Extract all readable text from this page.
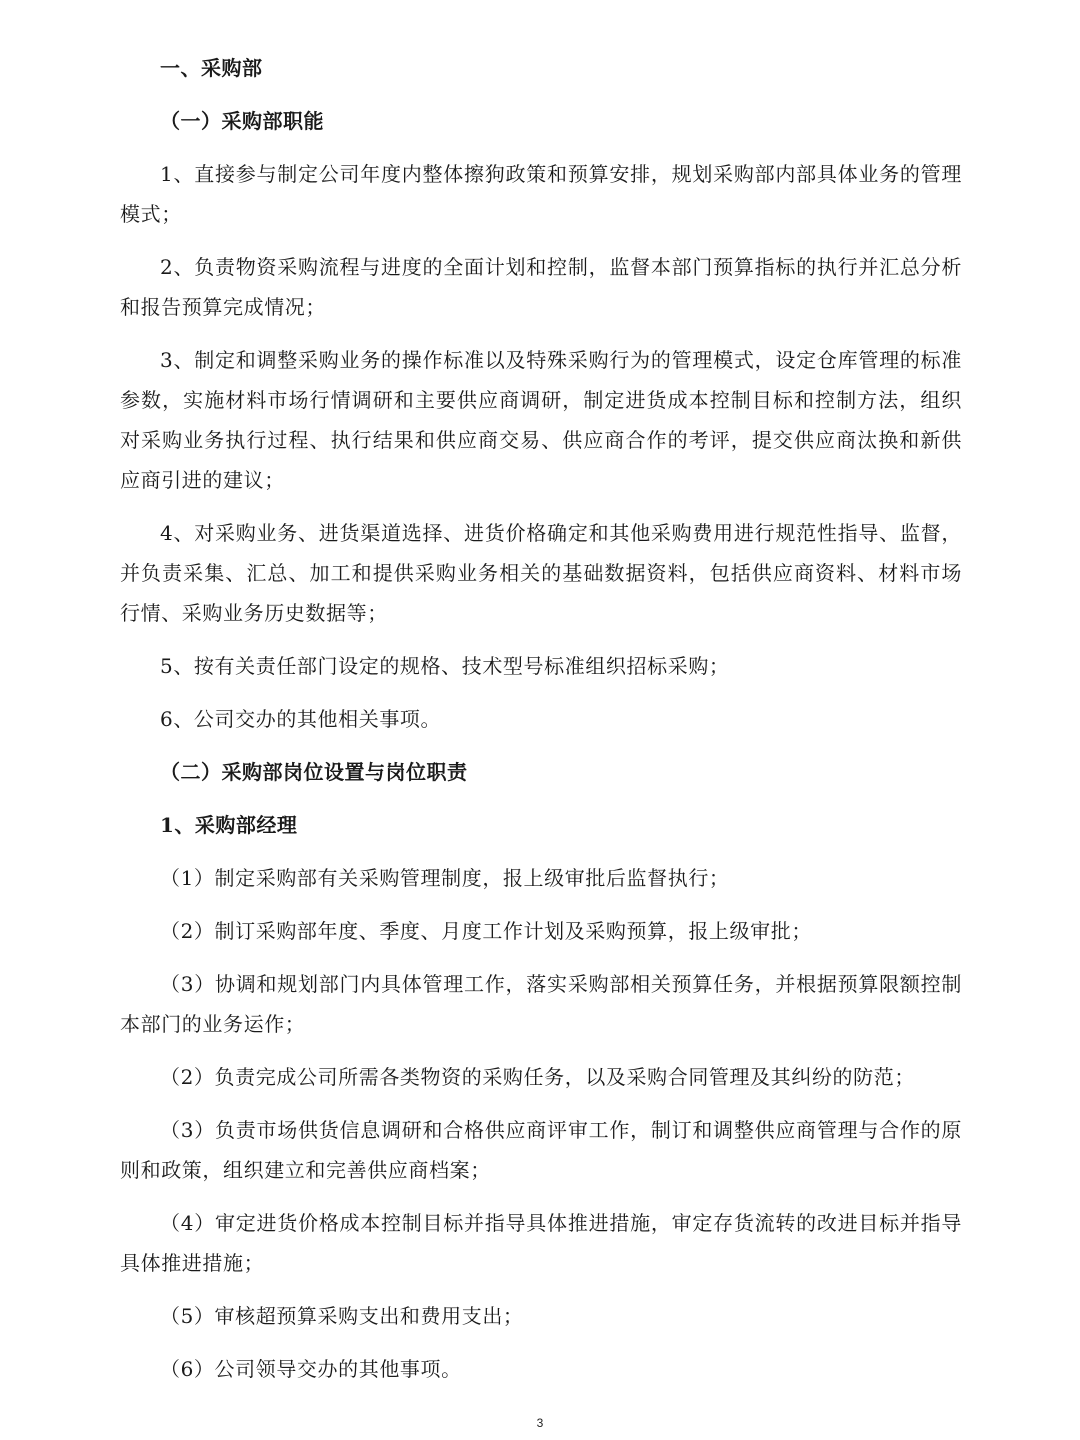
一、采购部
（一）采购部职能

1、直接参与制定公司年度内整体擦狗政策和预算安排，规划采购部内部具体业务的管理模式；

2、负责物资采购流程与进度的全面计划和控制，监督本部门预算指标的执行并汇总分析和报告预算完成情况；

3、制定和调整采购业务的操作标准以及特殊采购行为的管理模式，设定仓库管理的标准参数，实施材料市场行情调研和主要供应商调研，制定进货成本控制目标和控制方法，组织对采购业务执行过程、执行结果和供应商交易、供应商合作的考评，提交供应商汰换和新供应商引进的建议；

4、对采购业务、进货渠道选择、进货价格确定和其他采购费用进行规范性指导、监督，并负责采集、汇总、加工和提供采购业务相关的基础数据资料，包括供应商资料、材料市场行情、采购业务历史数据等；

5、按有关责任部门设定的规格、技术型号标准组织招标采购；

6、公司交办的其他相关事项。

（二）采购部岗位设置与岗位职责
1、采购部经理

（1）制定采购部有关采购管理制度，报上级审批后监督执行；

（2）制订采购部年度、季度、月度工作计划及采购预算，报上级审批；

（3）协调和规划部门内具体管理工作，落实采购部相关预算任务，并根据预算限额控制本部门的业务运作；

（2）负责完成公司所需各类物资的采购任务，以及采购合同管理及其纠纷的防范；

（3）负责市场供货信息调研和合格供应商评审工作，制订和调整供应商管理与合作的原则和政策，组织建立和完善供应商档案；

（4）审定进货价格成本控制目标并指导具体推进措施，审定存货流转的改进目标并指导具体推进措施；

（5）审核超预算采购支出和费用支出；

（6）公司领导交办的其他事项。

3
